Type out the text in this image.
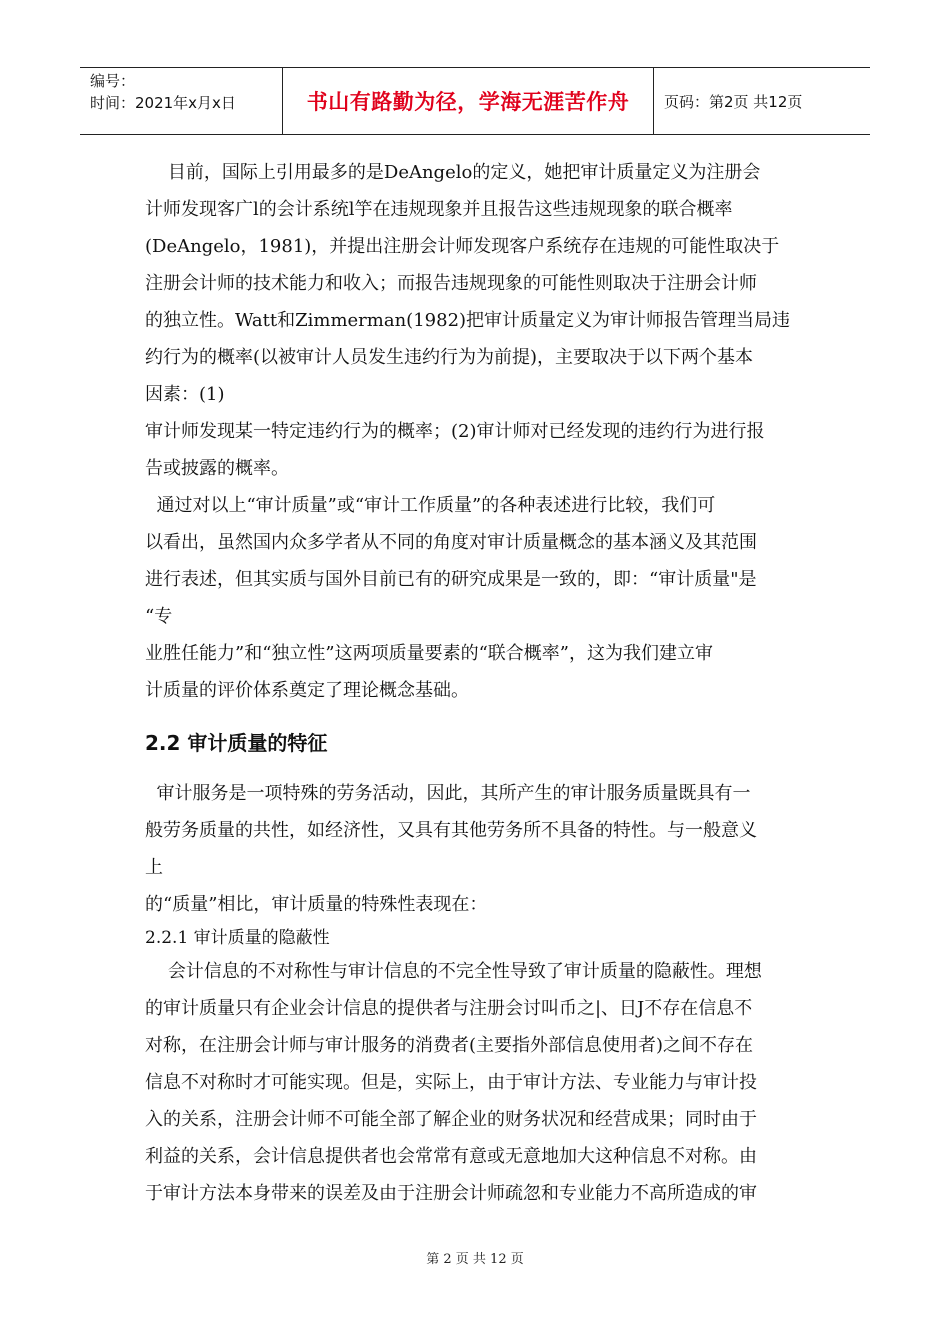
编号：
时间：2021年x月x日	书山有路勤为径，学海无涯苦作舟	页码：第2页 共12页
目前，国际上引用最多的是DeAngelo的定义，她把审计质量定义为注册会
计师发现客广l的会计系统l竽在违规现象并且报告这些违规现象的联合概率
(DeAngelo，1981)，并提出注册会计师发现客户系统存在违规的可能性取决于
注册会计师的技术能力和收入；而报告违规现象的可能性则取决于注册会计师
的独立性。Watt和Zimmerman(1982)把审计质量定义为审计师报告管理当局违
约行为的概率(以被审计人员发生违约行为为前提)，主要取决于以下两个基本
因素：(1)
审计师发现某一特定违约行为的概率；(2)审计师对已经发现的违约行为进行报
告或披露的概率。
通过对以上“审计质量”或“审计工作质量”的各种表述进行比较，我们可
以看出，虽然国内众多学者从不同的角度对审计质量概念的基本涵义及其范围
进行表述，但其实质与国外目前已有的研究成果是一致的，即：“审计质量"是
“专
业胜任能力”和“独立性”这两项质量要素的“联合概率”，这为我们建立审
计质量的评价体系奠定了理论概念基础。
2.2 审计质量的特征
审计服务是一项特殊的劳务活动，因此，其所产生的审计服务质量既具有一
般劳务质量的共性，如经济性，又具有其他劳务所不具备的特性。与一般意义
上
的“质量”相比，审计质量的特殊性表现在：
2.2.1 审计质量的隐蔽性
会计信息的不对称性与审计信息的不完全性导致了审计质量的隐蔽性。理想
的审计质量只有企业会计信息的提供者与注册会讨叫币之|、日J不存在信息不
对称，在注册会计师与审计服务的消费者(主要指外部信息使用者)之间不存在
信息不对称时才可能实现。但是，实际上，由于审计方法、专业能力与审计投
入的关系，注册会计师不可能全部了解企业的财务状况和经营成果；同时由于
利益的关系，会计信息提供者也会常常有意或无意地加大这种信息不对称。由
于审计方法本身带来的误差及由于注册会计师疏忽和专业能力不高所造成的审
第 2 页 共 12 页
